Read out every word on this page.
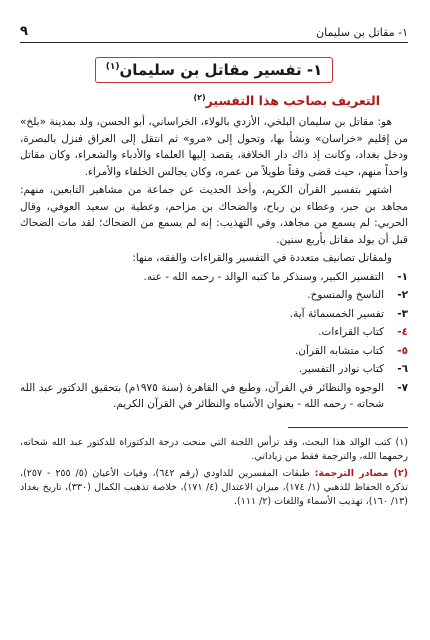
١- مقاتل بن سليمان
٩
١- تفسير مقاتل بن سليمان$^{(١)}$
التعريف بصاحب هذا التفسير$^{(٢)}$

هو: مقاتل بن سليمان البلخي، الأزدي بالولاء، الخراساني، أبو الحسن، ولد بمدينة «بلخ» من إقليم «خراسان» ونشأ بها، وتحول إلى «مرو» ثم انتقل إلى العراق فنزل بالبصرة، ودخل بغداد، وكانت إذ ذاك دار الخلافة، يقصد إليها العلماء والأدباء والشعراء، وكان مقاتل واحداً منهم، حيث قضى وقتاً طويلاً من عمره، وكان يجالس الخلفاء والأمراء.

اشتهر بتفسير القرآن الكريم، وأخذ الحديث عن جماعة من مشاهير التابعين، منهم: مجاهد بن جبر، وعطاء بن رباح، والضحاك بن مزاحم، وعطية بن سعيد العوفي، وقال الحربي: لم يسمع من مجاهد، وفي التهذيب: إنه لم يسمع من الضحاك؛ لقد مات الضحاك قبل أن يولد مقاتل بأربع سنين.

ولمقاتل تصانيف متعددة في التفسير والقراءات والفقه، منها:

١-
التفسير الكبير، وسنذكر ما كتبه الوالد - رحمه الله - عنه.
٢-
الناسخ والمنسوخ.
٣-
تفسير الخمسمائة آية.
٤-
كتاب القراءات.
٥-
كتاب متشابه القرآن.
٦-
كتاب نوادر التفسير.
٧-
الوجوه والنظائر في القرآن، وطبع في القاهرة (سنة ١٩٧٥م) بتحقيق الدكتور عبد الله شحاته - رحمه الله - بعنوان الأشباه والنظائر في القرآن الكريم.

(١) كتب الوالد هذا البحث، وقد ترأس اللجنة التي منحت درجة الدكتوراة للدكتور عبد الله شحاته، رحمهما الله، والترجمة فقط من زياداتي.

(٢) مصادر الترجمة: طبقات المفسرين للداودي (رقم ٦٤٢)، وفيات الأعيان (٥/ ٢٥٥ - ٢٥٧)، تذكرة الحفاظ للذهبي (١/ ١٧٤)، ميزان الاعتدال (٤/ ١٧١)، خلاصة تذهيب الكمال (٣٣٠)، تاريخ بغداد (١٣/ ١٦٠)، تهذيب الأسماء واللغات (٢/ ١١١).
